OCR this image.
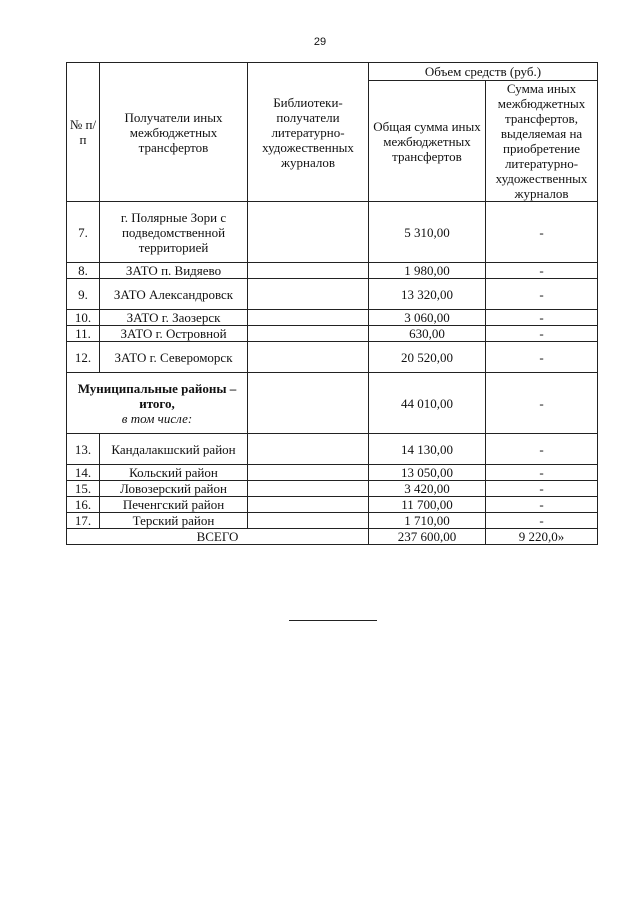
29
№ п/п	Получатели иных межбюджетных трансфертов	Библиотеки-получатели литературно-художественных журналов	Объем средств (руб.)	
			Общая сумма иных межбюджетных трансфертов	Сумма иных межбюджетных трансфертов, выделяемая на приобретение литературно-художественных журналов
7.	г. Полярные Зори с подведомственной территорией		5 310,00	-
8.	ЗАТО п. Видяево		1 980,00	-
9.	ЗАТО Александровск		13 320,00	-
10.	ЗАТО г. Заозерск		3 060,00	-
11.	ЗАТО г. Островной		630,00	-
12.	ЗАТО г. Североморск		20 520,00	-

Муниципальные районы – итого,
в том числе:			44 010,00	-
13.	Кандалакшский район		14 130,00	-
14.	Кольский район		13 050,00	-
15.	Ловозерский район		3 420,00	-
16.	Печенгский район		11 700,00	-
17.	Терский район		1 710,00	-
ВСЕГО			237 600,00	9 220,0»
